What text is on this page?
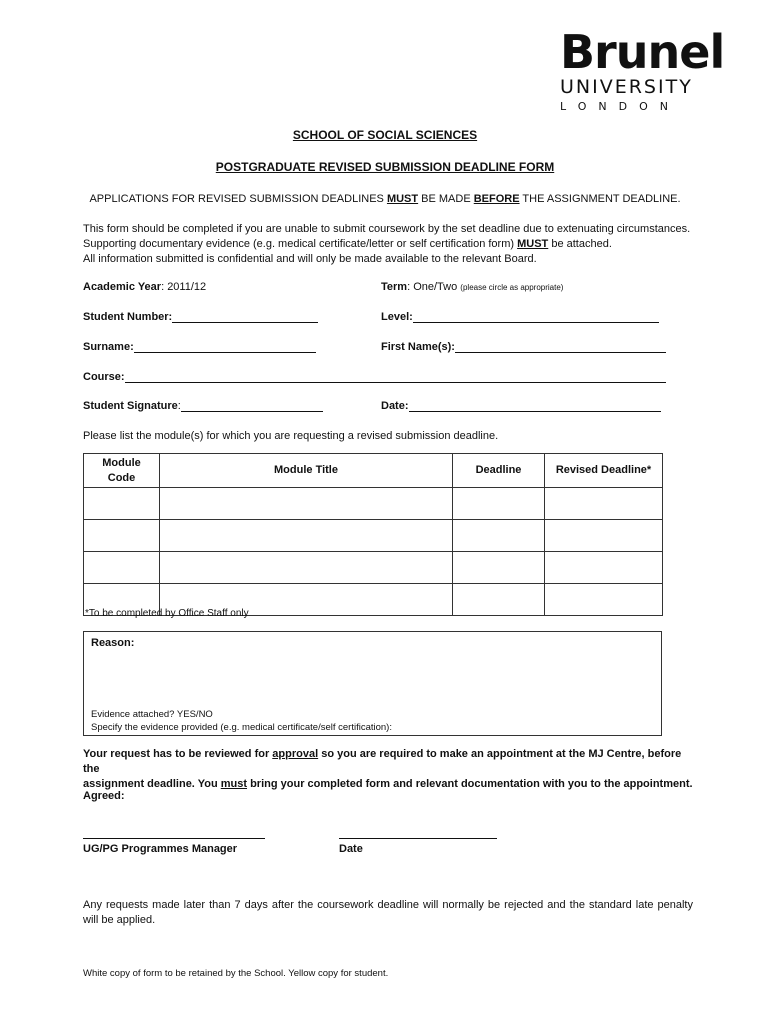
Brunel
UNIVERSITY
LONDON
SCHOOL OF SOCIAL SCIENCES
POSTGRADUATE REVISED SUBMISSION DEADLINE FORM
APPLICATIONS FOR REVISED SUBMISSION DEADLINES MUST BE MADE BEFORE THE ASSIGNMENT DEADLINE.
This form should be completed if you are unable to submit coursework by the set deadline due to extenuating circumstances.
Supporting documentary evidence (e.g. medical certificate/letter or self certification form) MUST be attached.
All information submitted is confidential and will only be made available to the relevant Board.
Academic Year: 2011/12	Term: One/Two (please circle as appropriate)
Student Number:	Level:
Surname:	First Name(s):
Course:
Student Signature:	Date:
Please list the module(s) for which you are requesting a revised submission deadline.
Module Code	Module Title	Deadline	Revised Deadline*

*To be completed by Office Staff only
Reason:
Evidence attached? YES/NO
Specify the evidence provided (e.g. medical certificate/self certification):
Your request has to be reviewed for approval so you are required to make an appointment at the MJ Centre, before the
assignment deadline. You must bring your completed form and relevant documentation with you to the appointment.
Agreed:
UG/PG Programmes Manager	Date
Any requests made later than 7 days after the coursework deadline will normally be rejected and the standard late penalty will be applied.
White copy of form to be retained by the School. Yellow copy for student.
